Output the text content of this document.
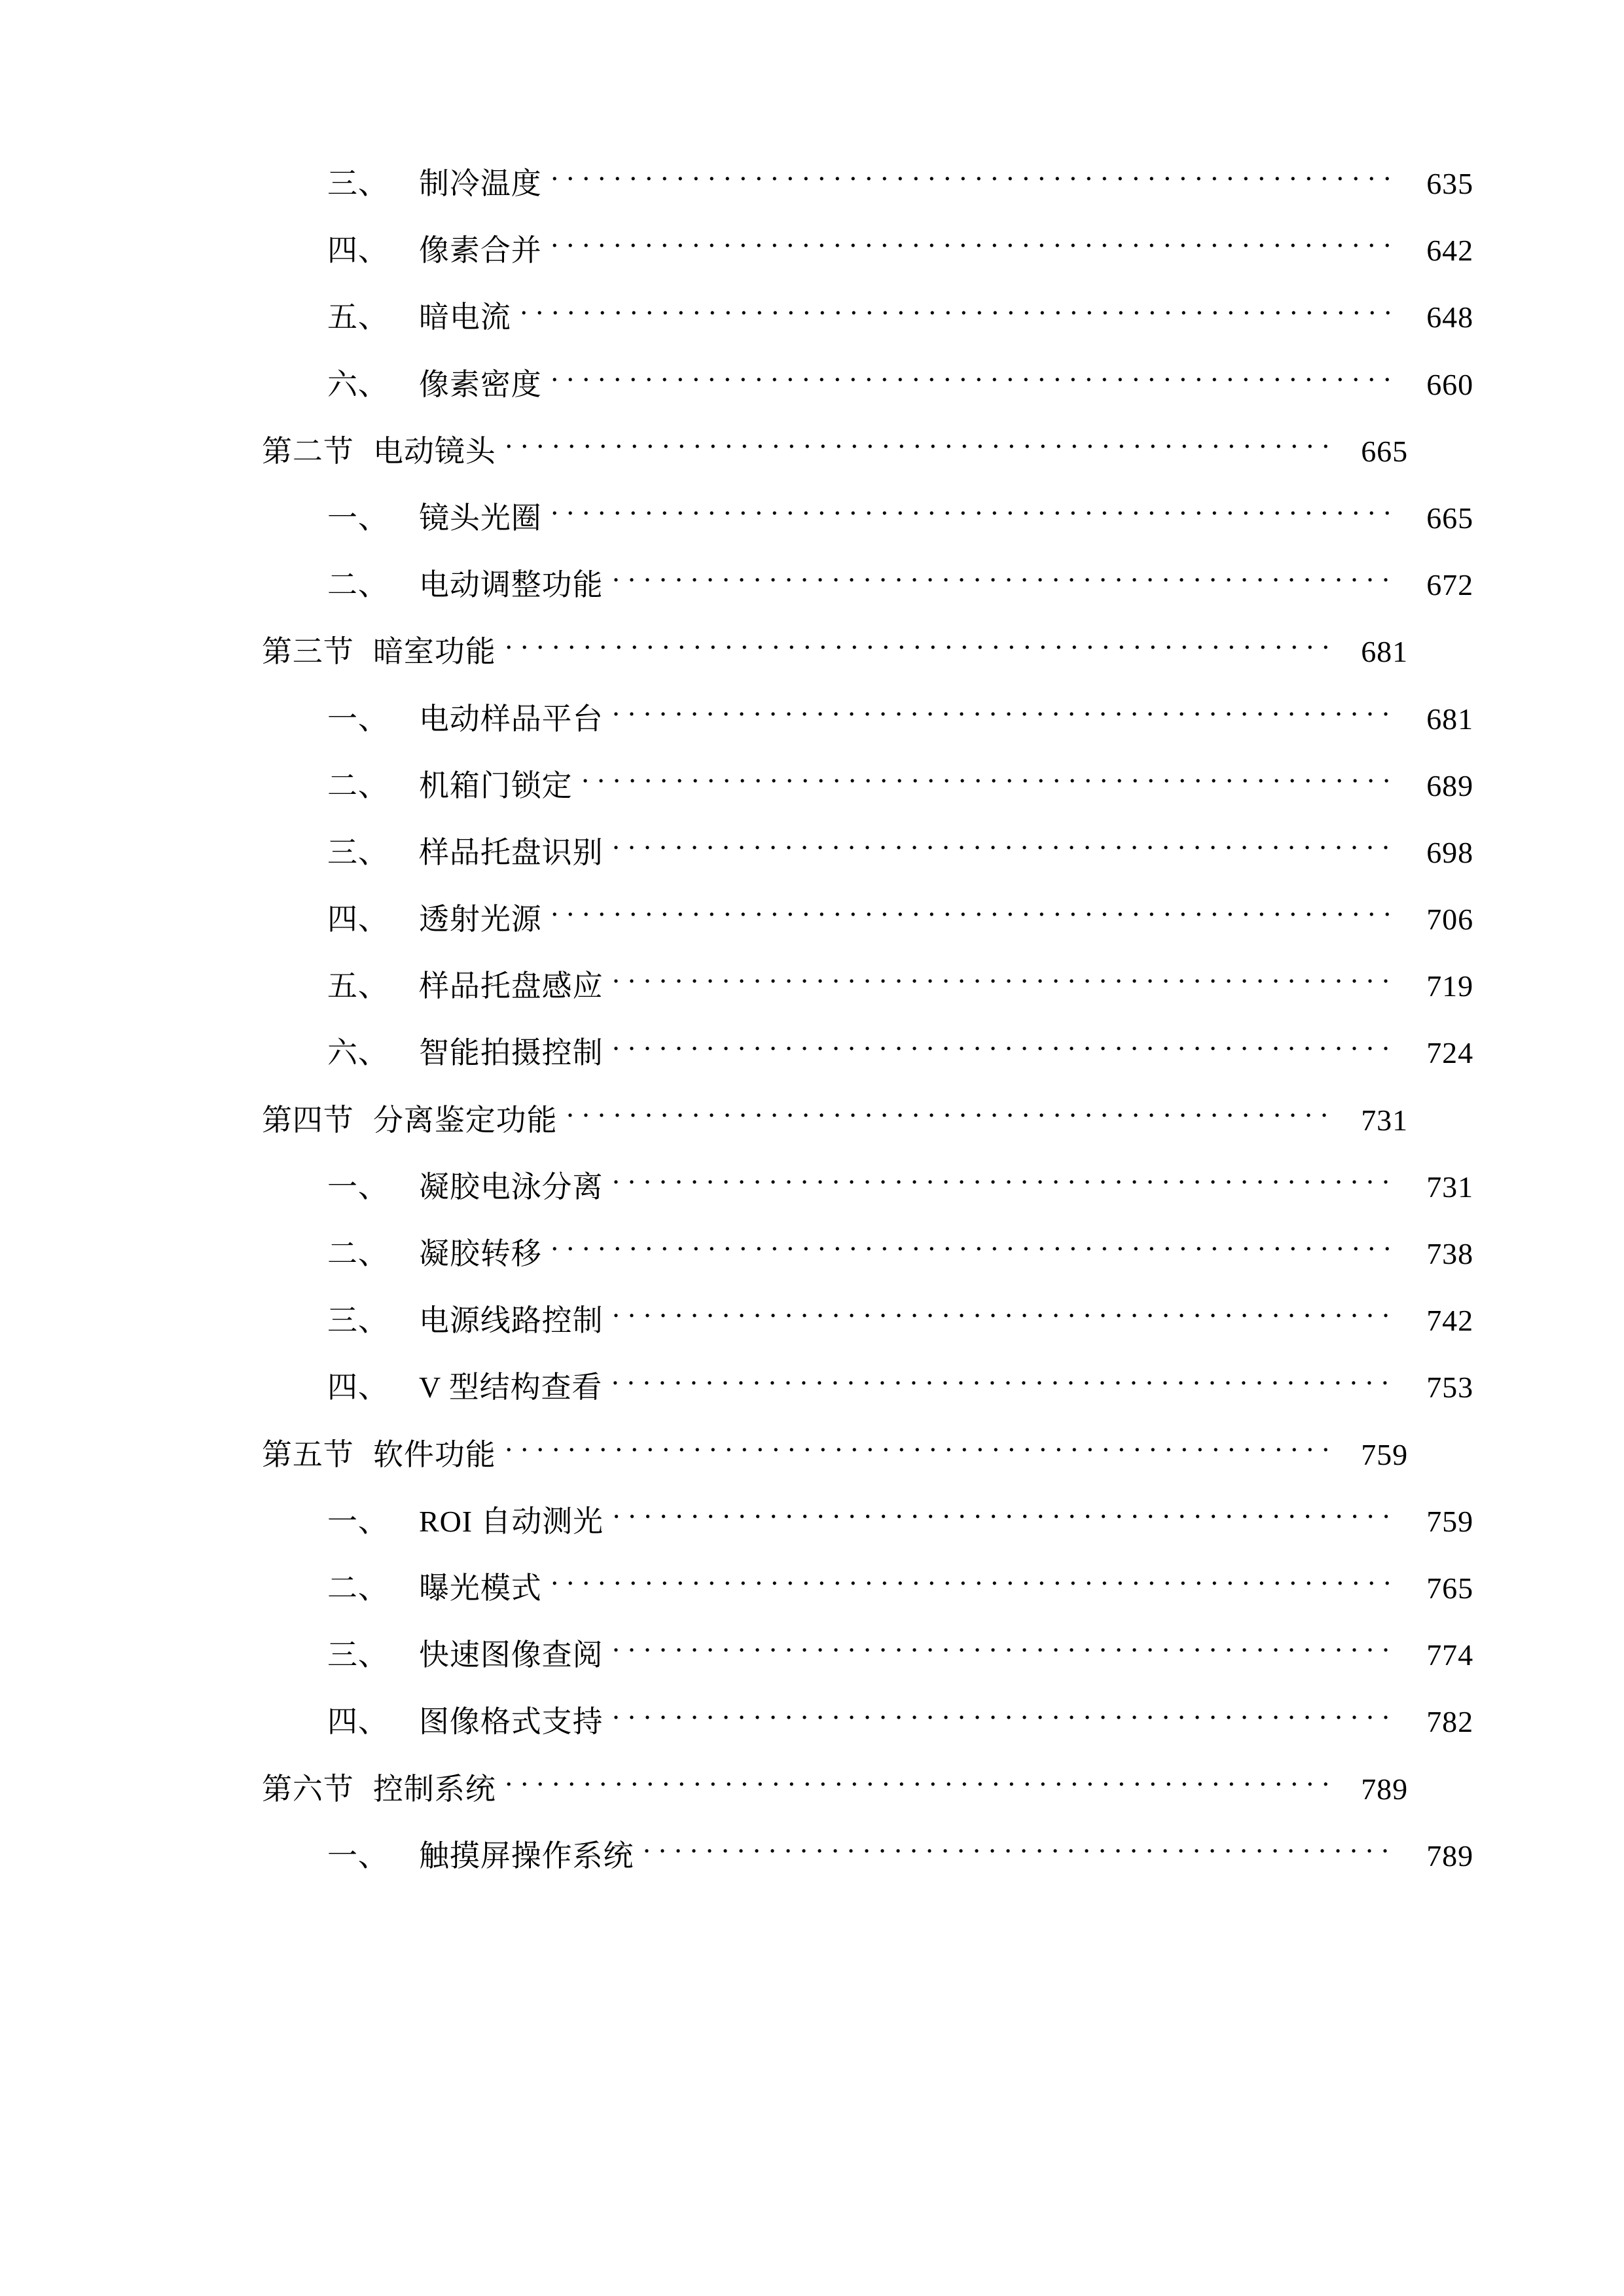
三、	制冷温度 . . .	635
四、	像素合并 . . .	642
五、	暗电流 . . .	648
六、	像素密度 . . .	660
第二节 电动镜头 . . .	665
一、	镜头光圈 . . .	665
二、	电动调整功能 . . .	672
第三节 暗室功能 . . .	681
一、	电动样品平台 . . .	681
二、	机箱门锁定 . . .	689
三、	样品托盘识别 . . .	698
四、	透射光源 . . .	706
五、	样品托盘感应 . . .	719
六、	智能拍摄控制 . . .	724
第四节 分离鉴定功能 . . .	731
一、	凝胶电泳分离 . . .	731
二、	凝胶转移 . . .	738
三、	电源线路控制 . . .	742
四、	V 型结构查看 . . .	753
第五节 软件功能 . . .	759
一、	ROI 自动测光 . . .	759
二、	曝光模式 . . .	765
三、	快速图像查阅 . . .	774
四、	图像格式支持 . . .	782
第六节 控制系统 . . .	789
一、	触摸屏操作系统 . . .	789
